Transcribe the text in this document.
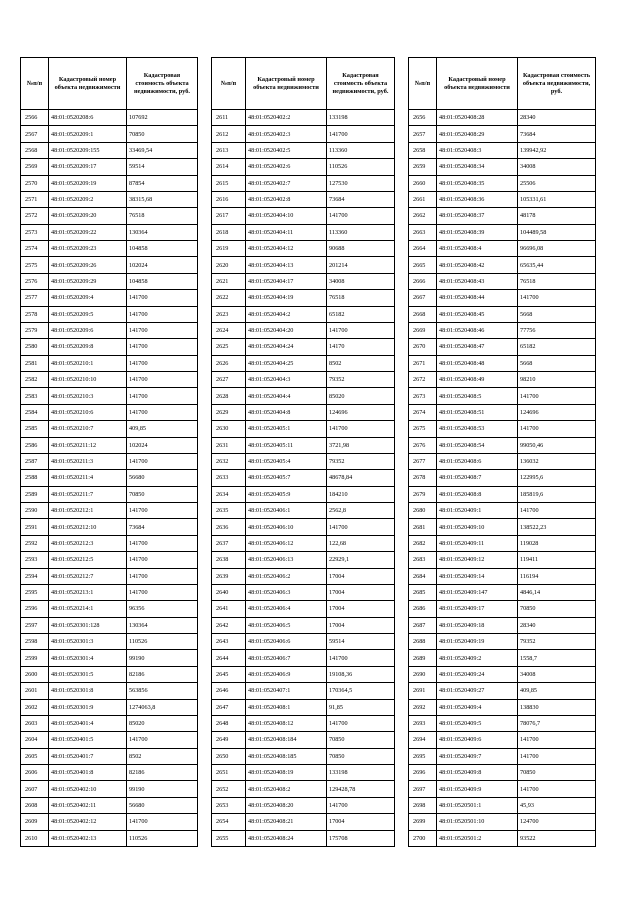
№п/п	Кадастровый номер объекта недвижимости	Кадастровая стоимость объекта недвижимости, руб.
2566	48:01:0520208:6	107692
2567	48:01:0520209:1	70850
2568	48:01:0520209:155	33469,54
2569	48:01:0520209:17	59514
2570	48:01:0520209:19	87854
2571	48:01:0520209:2	38315,68
2572	48:01:0520209:20	76518
2573	48:01:0520209:22	130364
2574	48:01:0520209:23	104858
2575	48:01:0520209:26	102024
2576	48:01:0520209:29	104858
2577	48:01:0520209:4	141700
2578	48:01:0520209:5	141700
2579	48:01:0520209:6	141700
2580	48:01:0520209:8	141700
2581	48:01:0520210:1	141700
2582	48:01:0520210:10	141700
2583	48:01:0520210:3	141700
2584	48:01:0520210:6	141700
2585	48:01:0520210:7	409,85
2586	48:01:0520211:12	102024
2587	48:01:0520211:3	141700
2588	48:01:0520211:4	56680
2589	48:01:0520211:7	70850
2590	48:01:0520212:1	141700
2591	48:01:0520212:10	73684
2592	48:01:0520212:3	141700
2593	48:01:0520212:5	141700
2594	48:01:0520212:7	141700
2595	48:01:0520213:1	141700
2596	48:01:0520214:1	96356
2597	48:01:0520301:128	130364
2598	48:01:0520301:3	110526
2599	48:01:0520301:4	99190
2600	48:01:0520301:5	82186
2601	48:01:0520301:8	563856
2602	48:01:0520301:9	1274063,8
2603	48:01:0520401:4	85020
2604	48:01:0520401:5	141700
2605	48:01:0520401:7	8502
2606	48:01:0520401:8	82186
2607	48:01:0520402:10	99190
2608	48:01:0520402:11	56680
2609	48:01:0520402:12	141700
2610	48:01:0520402:13	110526
№п/п	Кадастровый номер объекта недвижимости	Кадастровая стоимость объекта недвижимости, руб.
2611	48:01:0520402:2	133198
2612	48:01:0520402:3	141700
2613	48:01:0520402:5	113360
2614	48:01:0520402:6	110526
2615	48:01:0520402:7	127530
2616	48:01:0520402:8	73684
2617	48:01:0520404:10	141700
2618	48:01:0520404:11	113360
2619	48:01:0520404:12	90688
2620	48:01:0520404:13	201214
2621	48:01:0520404:17	34008
2622	48:01:0520404:19	76518
2623	48:01:0520404:2	65182
2624	48:01:0520404:20	141700
2625	48:01:0520404:24	14170
2626	48:01:0520404:25	8502
2627	48:01:0520404:3	79352
2628	48:01:0520404:4	85020
2629	48:01:0520404:8	124696
2630	48:01:0520405:1	141700
2631	48:01:0520405:11	3721,98
2632	48:01:0520405:4	79352
2633	48:01:0520405:7	48678,84
2634	48:01:0520405:9	184210
2635	48:01:0520406:1	2562,8
2636	48:01:0520406:10	141700
2637	48:01:0520406:12	122,68
2638	48:01:0520406:13	22929,1
2639	48:01:0520406:2	17004
2640	48:01:0520406:3	17004
2641	48:01:0520406:4	17004
2642	48:01:0520406:5	17004
2643	48:01:0520406:6	59514
2644	48:01:0520406:7	141700
2645	48:01:0520406:9	19108,36
2646	48:01:0520407:1	170364,5
2647	48:01:0520408:1	91,85
2648	48:01:0520408:12	141700
2649	48:01:0520408:184	70850
2650	48:01:0520408:185	70850
2651	48:01:0520408:19	133198
2652	48:01:0520408:2	129428,78
2653	48:01:0520408:20	141700
2654	48:01:0520408:21	17004
2655	48:01:0520408:24	175708
№п/п	Кадастровый номер объекта недвижимости	Кадастровая стоимость объекта недвижимости, руб.
2656	48:01:0520408:28	28340
2657	48:01:0520408:29	73684
2658	48:01:0520408:3	139942,92
2659	48:01:0520408:34	34008
2660	48:01:0520408:35	25506
2661	48:01:0520408:36	105331,61
2662	48:01:0520408:37	48178
2663	48:01:0520408:39	104489,58
2664	48:01:0520408:4	96696,08
2665	48:01:0520408:42	65635,44
2666	48:01:0520408:43	76518
2667	48:01:0520408:44	141700
2668	48:01:0520408:45	5668
2669	48:01:0520408:46	77756
2670	48:01:0520408:47	65182
2671	48:01:0520408:48	5668
2672	48:01:0520408:49	98210
2673	48:01:0520408:5	141700
2674	48:01:0520408:51	124696
2675	48:01:0520408:53	141700
2676	48:01:0520408:54	99050,46
2677	48:01:0520408:6	136032
2678	48:01:0520408:7	122995,6
2679	48:01:0520408:8	185819,6
2680	48:01:0520409:1	141700
2681	48:01:0520409:10	138522,23
2682	48:01:0520409:11	119028
2683	48:01:0520409:12	119411
2684	48:01:0520409:14	116194
2685	48:01:0520409:147	4846,14
2686	48:01:0520409:17	70850
2687	48:01:0520409:18	28340
2688	48:01:0520409:19	79352
2689	48:01:0520409:2	1558,7
2690	48:01:0520409:24	34008
2691	48:01:0520409:27	409,85
2692	48:01:0520409:4	138830
2693	48:01:0520409:5	78076,7
2694	48:01:0520409:6	141700
2695	48:01:0520409:7	141700
2696	48:01:0520409:8	70850
2697	48:01:0520409:9	141700
2698	48:01:0520501:1	45,93
2699	48:01:0520501:10	124700
2700	48:01:0520501:2	93522
